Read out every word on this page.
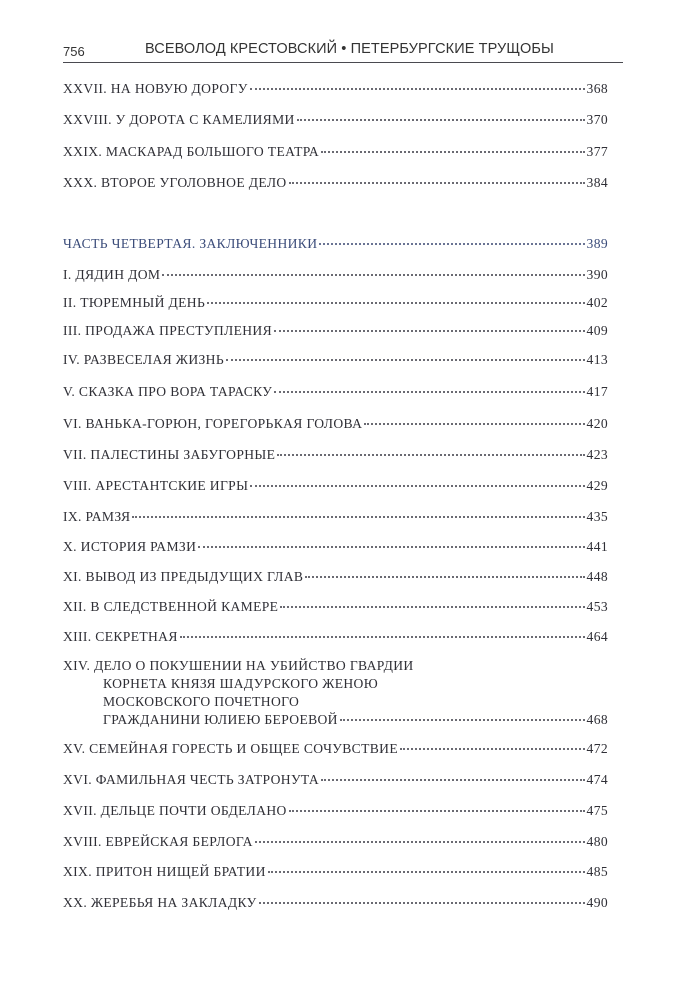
756	ВСЕВОЛОД КРЕСТОВСКИЙ • ПЕТЕРБУРГСКИЕ ТРУЩОБЫ
XXVII. НА НОВУЮ ДОРОГУ	368
XXVIII. У ДОРОТА С КАМЕЛИЯМИ	370
XXIX. МАСКАРАД БОЛЬШОГО ТЕАТРА	377
XXX. ВТОРОЕ УГОЛОВНОЕ ДЕЛО	384
ЧАСТЬ ЧЕТВЕРТАЯ. ЗАКЛЮЧЕННИКИ	389
I. ДЯДИН ДОМ	390
II. ТЮРЕМНЫЙ ДЕНЬ	402
III. ПРОДАЖА ПРЕСТУПЛЕНИЯ	409
IV. РАЗВЕСЕЛАЯ ЖИЗНЬ	413
V. СКАЗКА ПРО ВОРА ТАРАСКУ	417
VI. ВАНЬКА-ГОРЮН, ГОРЕГОРЬКАЯ ГОЛОВА	420
VII. ПАЛЕСТИНЫ ЗАБУГОРНЫЕ	423
VIII. АРЕСТАНТСКИЕ ИГРЫ	429
IX. РАМЗЯ	435
X. ИСТОРИЯ РАМЗИ	441
XI. ВЫВОД ИЗ ПРЕДЫДУЩИХ ГЛАВ	448
XII. В СЛЕДСТВЕННОЙ КАМЕРЕ	453
XIII. СЕКРЕТНАЯ	464
XIV. ДЕЛО О ПОКУШЕНИИ НА УБИЙСТВО ГВАРДИИ
КОРНЕТА КНЯЗЯ ШАДУРСКОГО ЖЕНОЮ
МОСКОВСКОГО ПОЧЕТНОГО
ГРАЖДАНИНИ ЮЛИЕЮ БЕРОЕВОЙ	468
XV. СЕМЕЙНАЯ ГОРЕСТЬ И ОБЩЕЕ СОЧУВСТВИЕ	472
XVI. ФАМИЛЬНАЯ ЧЕСТЬ ЗАТРОНУТА	474
XVII. ДЕЛЬЦЕ ПОЧТИ ОБДЕЛАНО	475
XVIII. ЕВРЕЙСКАЯ БЕРЛОГА	480
XIX. ПРИТОН НИЩЕЙ БРАТИИ	485
XX. ЖЕРЕБЬЯ НА ЗАКЛАДКУ	490
